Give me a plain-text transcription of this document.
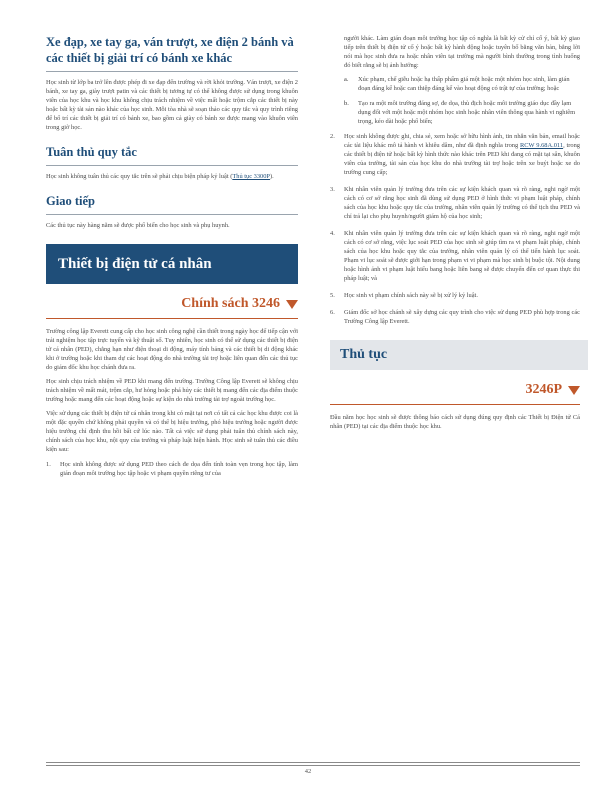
Xe đạp, xe tay ga, ván trượt, xe điện 2 bánh và các thiết bị giải trí có bánh xe khác

Học sinh từ lớp ba trở lên được phép đi xe đạp đến trường và rời khỏi trường. Ván trượt, xe điện 2 bánh, xe tay ga, giày trượt patin và các thiết bị tương tự có thể không được sử dụng trong khuôn viên của học khu và học khu không chịu trách nhiệm về việc mất hoặc trộm cắp các thiết bị này hoặc bất kỳ tài sản nào khác của học sinh. Mỗi tòa nhà sẽ soạn thảo các quy tắc và quy trình riêng để bổ trí các thiết bị giải trí có bánh xe, bao gồm cả giày có bánh xe được mang vào khuôn viên trong giờ học.

Tuân thủ quy tắc

Học sinh không tuân thủ các quy tắc trên sẽ phải chịu biện pháp kỷ luật (Thủ tục 3300P).

Giao tiếp

Các thủ tục này hàng năm sẽ được phổ biến cho học sinh và phụ huynh.

Thiết bị điện tử cá nhân
Chính sách 3246

Trường công lập Everett cung cấp cho học sinh công nghệ cần thiết trong ngày học để tiếp cận với trải nghiệm học tập trực tuyến và kỹ thuật số. Tuy nhiên, học sinh có thể sử dụng các thiết bị điện tử cá nhân (PED), chẳng hạn như điện thoại di động, máy tính bảng và các thiết bị di động khác khi ở trường hoặc khi tham dự các hoạt động do nhà trường tài trợ hoặc liên quan đến các thủ tục do giám đốc khu học chánh đưa ra.

Học sinh chịu trách nhiệm về PED khi mang đến trường. Trường Công lập Everett sẽ không chịu trách nhiệm về mất mát, trộm cắp, hư hỏng hoặc phá hủy các thiết bị mang đến các địa điểm thuộc trường hoặc mang đến các hoạt động hoặc sự kiện do nhà trường tài trợ ngoài trường học.

Việc sử dụng các thiết bị điện tử cá nhân trong khi có mặt tại nơi có tất cả các học khu được coi là một đặc quyền chứ không phải quyền và có thể bị hiệu trưởng, phó hiệu trưởng hoặc người được hiệu trưởng chỉ định thu hồi bất cứ lúc nào. Tất cả việc sử dụng phải tuân thủ chính sách này, chính sách của học khu, nội quy của trường và pháp luật hiện hành. Học sinh sẽ tuân thủ các điều kiện sau:

1.	Học sinh không được sử dụng PED theo cách đe dọa đến tính toàn vẹn trong học tập, làm gián đoạn môi trường học tập hoặc vi phạm quyền riêng tư của

người khác. Làm gián đoạn môi trường học tập có nghĩa là bất kỳ cử chỉ cố ý, bất kỳ giao tiếp trên thiết bị điện tử cố ý hoặc bất kỳ hành động hoặc tuyên bố bằng văn bản, bằng lời nói mà học sinh đưa ra hoặc nhân viên tại trường mà người bình thường trong tình huống đó biết rằng sẽ bị ảnh hưởng:

a.	Xúc phạm, chế giễu hoặc hạ thấp phẩm giá một hoặc một nhóm học sinh, làm gián đoạn đáng kể hoặc can thiệp đáng kể vào hoạt động có trật tự của trường; hoặc
b.	Tạo ra một môi trường đáng sợ, đe dọa, thù địch hoặc môi trường giáo dục đầy lạm dụng đối với một hoặc một nhóm học sinh hoặc nhân viên thông qua hành vi nghiêm trọng, kéo dài hoặc phổ biến;
2.	Học sinh không được ghi, chia sẻ, xem hoặc sở hữu hình ảnh, tin nhắn văn bản, email hoặc các tài liệu khác mô tả hành vi khiêu dâm, như đã định nghĩa trong RCW 9.68A.011, trong các thiết bị điện tử hoặc bất kỳ hình thức nào khác trên PED khi đang có mặt tại sân, khuôn viên của trường, tài sản của học khu do nhà trường tài trợ hoặc trên xe buýt hoặc xe do trường cung cấp;
3.	Khi nhân viên quản lý trường đưa trên các sự kiện khách quan và rõ ràng, nghi ngờ một cách có cơ sở rằng học sinh đã dùng sử dụng PED ở hình thức vi phạm luật pháp, chính sách của học khu hoặc quy tắc của trường, nhân viên quản lý trường có thể tịch thu PED và chỉ trả lại cho phụ huynh/người giám hộ của học sinh;
4.	Khi nhân viên quản lý trường đưa trên các sự kiện khách quan và rõ ràng, nghi ngờ một cách có cơ sở rằng, việc lục soát PED của học sinh sẽ giúp tìm ra vi phạm luật pháp, chính sách của học khu hoặc quy tắc của trường, nhân viên quản lý có thể tiến hành lục soát. Phạm vi lục soát sẽ được giới hạn trong phạm vi vi phạm mà học sinh bị buộc tội. Nội dung hoặc hình ảnh vi phạm luật hiểu bang hoặc liên bang sẽ được chuyển đến cơ quan thực thi pháp luật; và
5.	Học sinh vi phạm chính sách này sẽ bị xử lý kỷ luật.
6.	Giám đốc sở học chánh sẽ xây dựng các quy trình cho việc sử dụng PED phù hợp trong các Trường Công lập Everett.
Thủ tục
3246P

Đầu năm học học sinh sẽ được thông báo cách sử dụng đúng quy định các Thiết bị Điện tử Cá nhân (PED) tại các địa điểm thuộc học khu.

42
